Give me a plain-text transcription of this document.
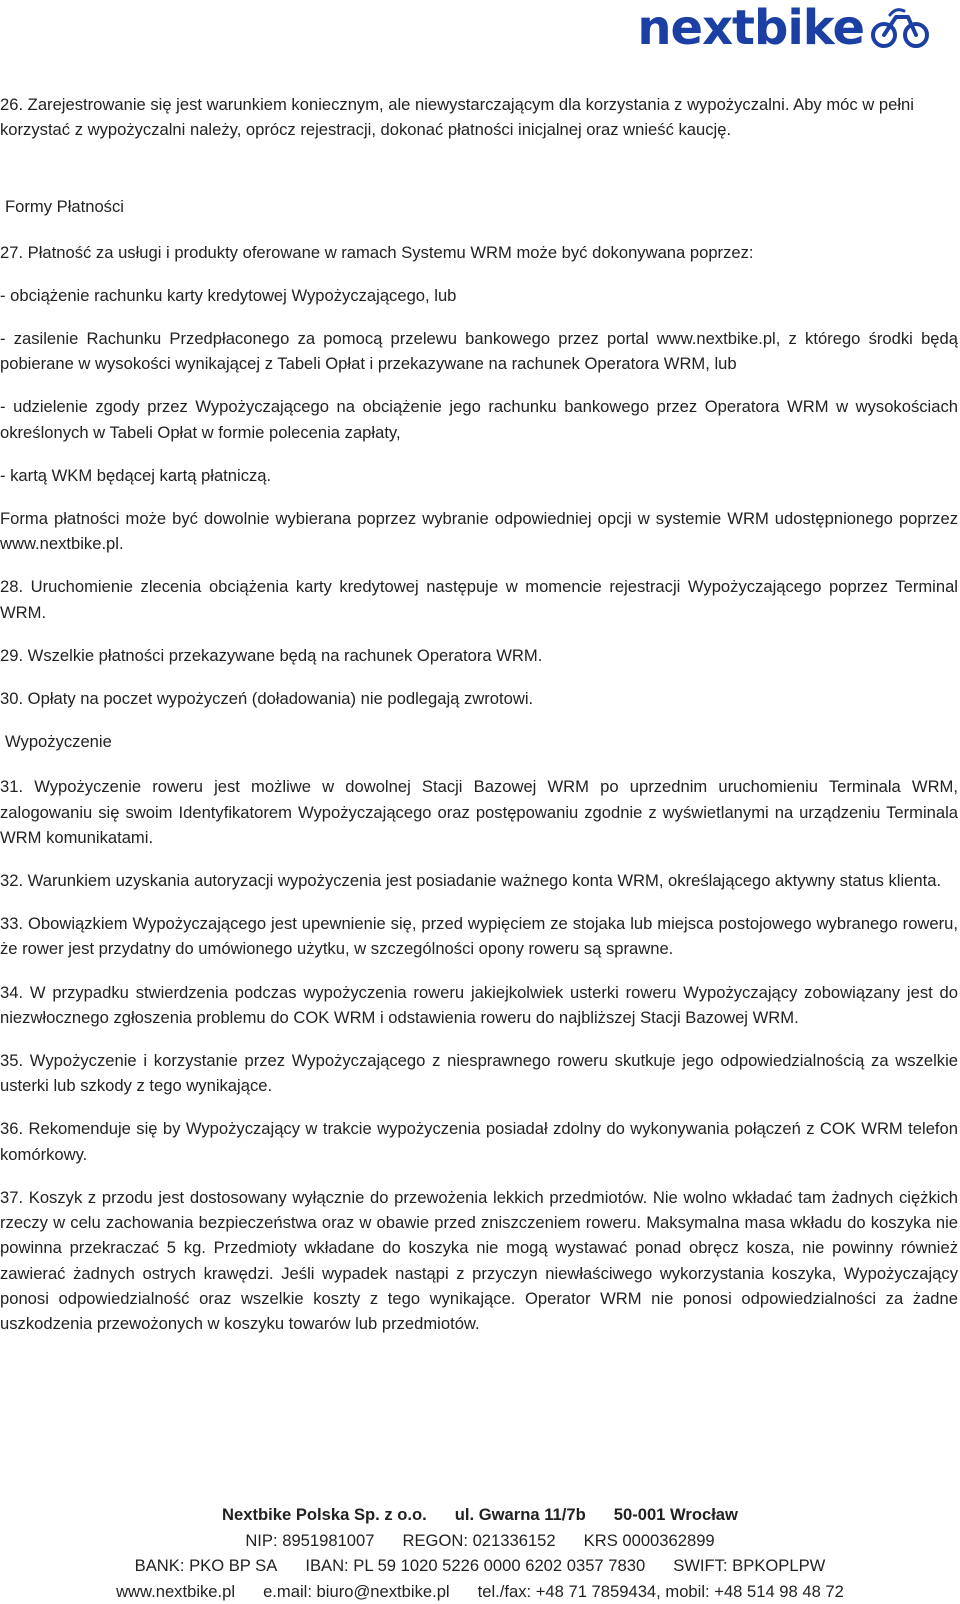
nextbike

26. Zarejestrowanie się jest warunkiem koniecznym, ale niewystarczającym dla korzystania z wypożyczalni. Aby móc w pełni korzystać z wypożyczalni należy, oprócz rejestracji, dokonać płatności inicjalnej oraz wnieść kaucję.

Formy Płatności

27. Płatność za usługi i produkty oferowane w ramach Systemu WRM może być dokonywana poprzez:

- obciążenie rachunku karty kredytowej Wypożyczającego, lub

- zasilenie Rachunku Przedpłaconego za pomocą przelewu bankowego przez portal www.nextbike.pl, z którego środki będą pobierane w wysokości wynikającej z Tabeli Opłat i przekazywane na rachunek Operatora WRM, lub

- udzielenie zgody przez Wypożyczającego na obciążenie jego rachunku bankowego przez Operatora WRM w wysokościach określonych w Tabeli Opłat w formie polecenia zapłaty,

- kartą WKM będącej kartą płatniczą.

Forma płatności może być dowolnie wybierana poprzez wybranie odpowiedniej opcji w systemie WRM udostępnionego poprzez www.nextbike.pl.

28. Uruchomienie zlecenia obciążenia karty kredytowej następuje w momencie rejestracji Wypożyczającego poprzez Terminal WRM.

29. Wszelkie płatności przekazywane będą na rachunek Operatora WRM.

30. Opłaty na poczet wypożyczeń (doładowania) nie podlegają zwrotowi.

Wypożyczenie

31. Wypożyczenie roweru jest możliwe w dowolnej Stacji Bazowej WRM po uprzednim uruchomieniu Terminala WRM, zalogowaniu się swoim Identyfikatorem Wypożyczającego oraz postępowaniu zgodnie z wyświetlanymi na urządzeniu Terminala WRM komunikatami.

32. Warunkiem uzyskania autoryzacji wypożyczenia jest posiadanie ważnego konta WRM, określającego aktywny status klienta.

33. Obowiązkiem Wypożyczającego jest upewnienie się, przed wypięciem ze stojaka lub miejsca postojowego wybranego roweru, że rower jest przydatny do umówionego użytku, w szczególności opony roweru są sprawne.

34. W przypadku stwierdzenia podczas wypożyczenia roweru jakiejkolwiek usterki roweru Wypożyczający zobowiązany jest do niezwłocznego zgłoszenia problemu do COK WRM i odstawienia roweru do najbliższej Stacji Bazowej WRM.

35. Wypożyczenie i korzystanie przez Wypożyczającego z niesprawnego roweru skutkuje jego odpowiedzialnością za wszelkie usterki lub szkody z tego wynikające.

36. Rekomenduje się by Wypożyczający w trakcie wypożyczenia posiadał zdolny do wykonywania połączeń z COK WRM telefon komórkowy.

37. Koszyk z przodu jest dostosowany wyłącznie do przewożenia lekkich przedmiotów. Nie wolno wkładać tam żadnych ciężkich rzeczy w celu zachowania bezpieczeństwa oraz w obawie przed zniszczeniem roweru. Maksymalna masa wkładu do koszyka nie powinna przekraczać 5 kg. Przedmioty wkładane do koszyka nie mogą wystawać ponad obręcz kosza, nie powinny również zawierać żadnych ostrych krawędzi. Jeśli wypadek nastąpi z przyczyn niewłaściwego wykorzystania koszyka, Wypożyczający ponosi odpowiedzialność oraz wszelkie koszty z tego wynikające. Operator WRM nie ponosi odpowiedzialności za żadne uszkodzenia przewożonych w koszyku towarów lub przedmiotów.

Nextbike Polska Sp. z o.o. ul. Gwarna 11/7b 50-001 Wrocław
NIP: 8951981007 REGON: 021336152 KRS 0000362899
BANK: PKO BP SA IBAN: PL 59 1020 5226 0000 6202 0357 7830 SWIFT: BPKOPLPW
www.nextbike.pl e.mail: biuro@nextbike.pl tel./fax: +48 71 7859434, mobil: +48 514 98 48 72
